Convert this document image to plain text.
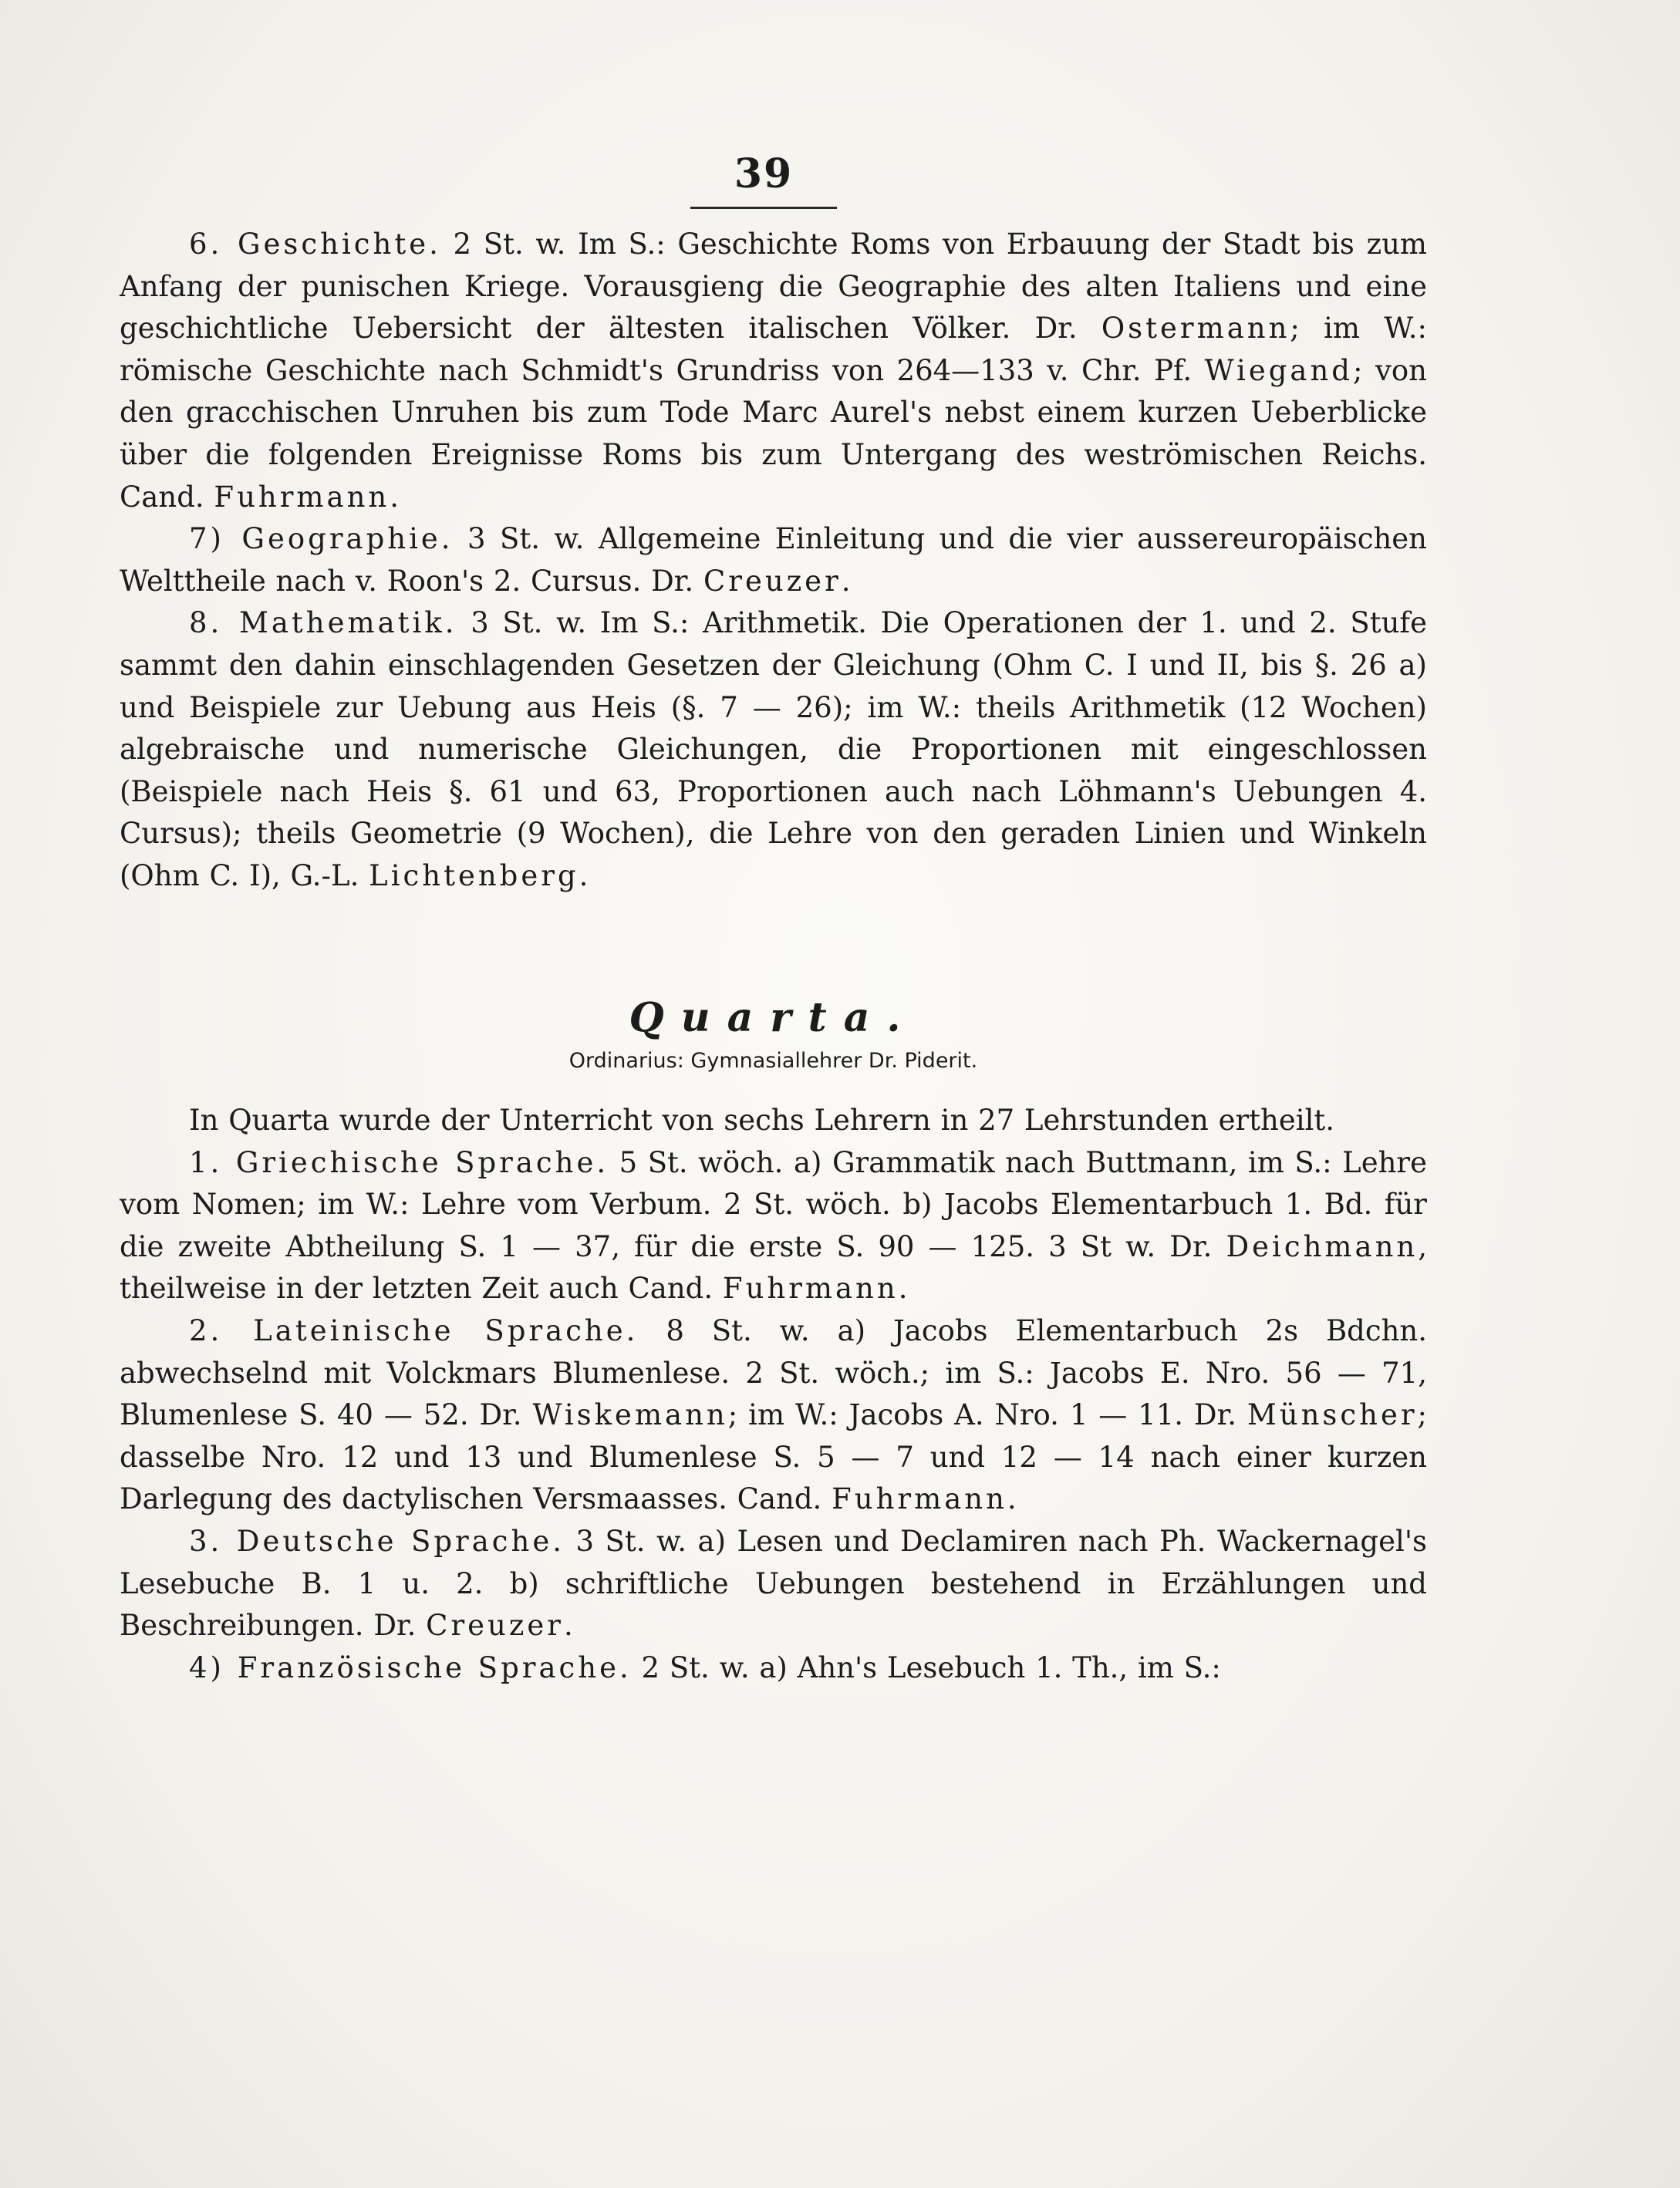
39

6. Geschichte. 2 St. w. Im S.: Geschichte Roms von Erbauung der Stadt bis zum Anfang der punischen Kriege. Vorausgieng die Geographie des alten Italiens und eine geschichtliche Uebersicht der ältesten italischen Völker. Dr. Ostermann; im W.: römische Geschichte nach Schmidt's Grundriss von 264—133 v. Chr. Pf. Wiegand; von den gracchischen Unruhen bis zum Tode Marc Aurel's nebst einem kurzen Ueberblicke über die folgenden Ereignisse Roms bis zum Untergang des weströmischen Reichs. Cand. Fuhrmann.

7) Geographie. 3 St. w. Allgemeine Einleitung und die vier aussereuropäischen Welttheile nach v. Roon's 2. Cursus. Dr. Creuzer.

8. Mathematik. 3 St. w. Im S.: Arithmetik. Die Operationen der 1. und 2. Stufe sammt den dahin einschlagenden Gesetzen der Gleichung (Ohm C. I und II, bis §. 26 a) und Beispiele zur Uebung aus Heis (§. 7 — 26); im W.: theils Arithmetik (12 Wochen) algebraische und numerische Gleichungen, die Proportionen mit eingeschlossen (Beispiele nach Heis §. 61 und 63, Proportionen auch nach Löhmann's Uebungen 4. Cursus); theils Geometrie (9 Wochen), die Lehre von den geraden Linien und Winkeln (Ohm C. I), G.-L. Lichtenberg.

Quarta.

Ordinarius: Gymnasiallehrer Dr. Piderit.

In Quarta wurde der Unterricht von sechs Lehrern in 27 Lehrstunden ertheilt.

1. Griechische Sprache. 5 St. wöch. a) Grammatik nach Buttmann, im S.: Lehre vom Nomen; im W.: Lehre vom Verbum. 2 St. wöch. b) Jacobs Elementarbuch 1. Bd. für die zweite Abtheilung S. 1 — 37, für die erste S. 90 — 125. 3 St w. Dr. Deichmann, theilweise in der letzten Zeit auch Cand. Fuhrmann.

2. Lateinische Sprache. 8 St. w. a) Jacobs Elementarbuch 2s Bdchn. abwechselnd mit Volckmars Blumenlese. 2 St. wöch.; im S.: Jacobs E. Nro. 56 — 71, Blumenlese S. 40 — 52. Dr. Wiskemann; im W.: Jacobs A. Nro. 1 — 11. Dr. Münscher; dasselbe Nro. 12 und 13 und Blumenlese S. 5 — 7 und 12 — 14 nach einer kurzen Darlegung des dactylischen Versmaasses. Cand. Fuhrmann.

3. Deutsche Sprache. 3 St. w. a) Lesen und Declamiren nach Ph. Wackernagel's Lesebuche B. 1 u. 2. b) schriftliche Uebungen bestehend in Erzählungen und Beschreibungen. Dr. Creuzer.

4) Französische Sprache. 2 St. w. a) Ahn's Lesebuch 1. Th., im S.:
